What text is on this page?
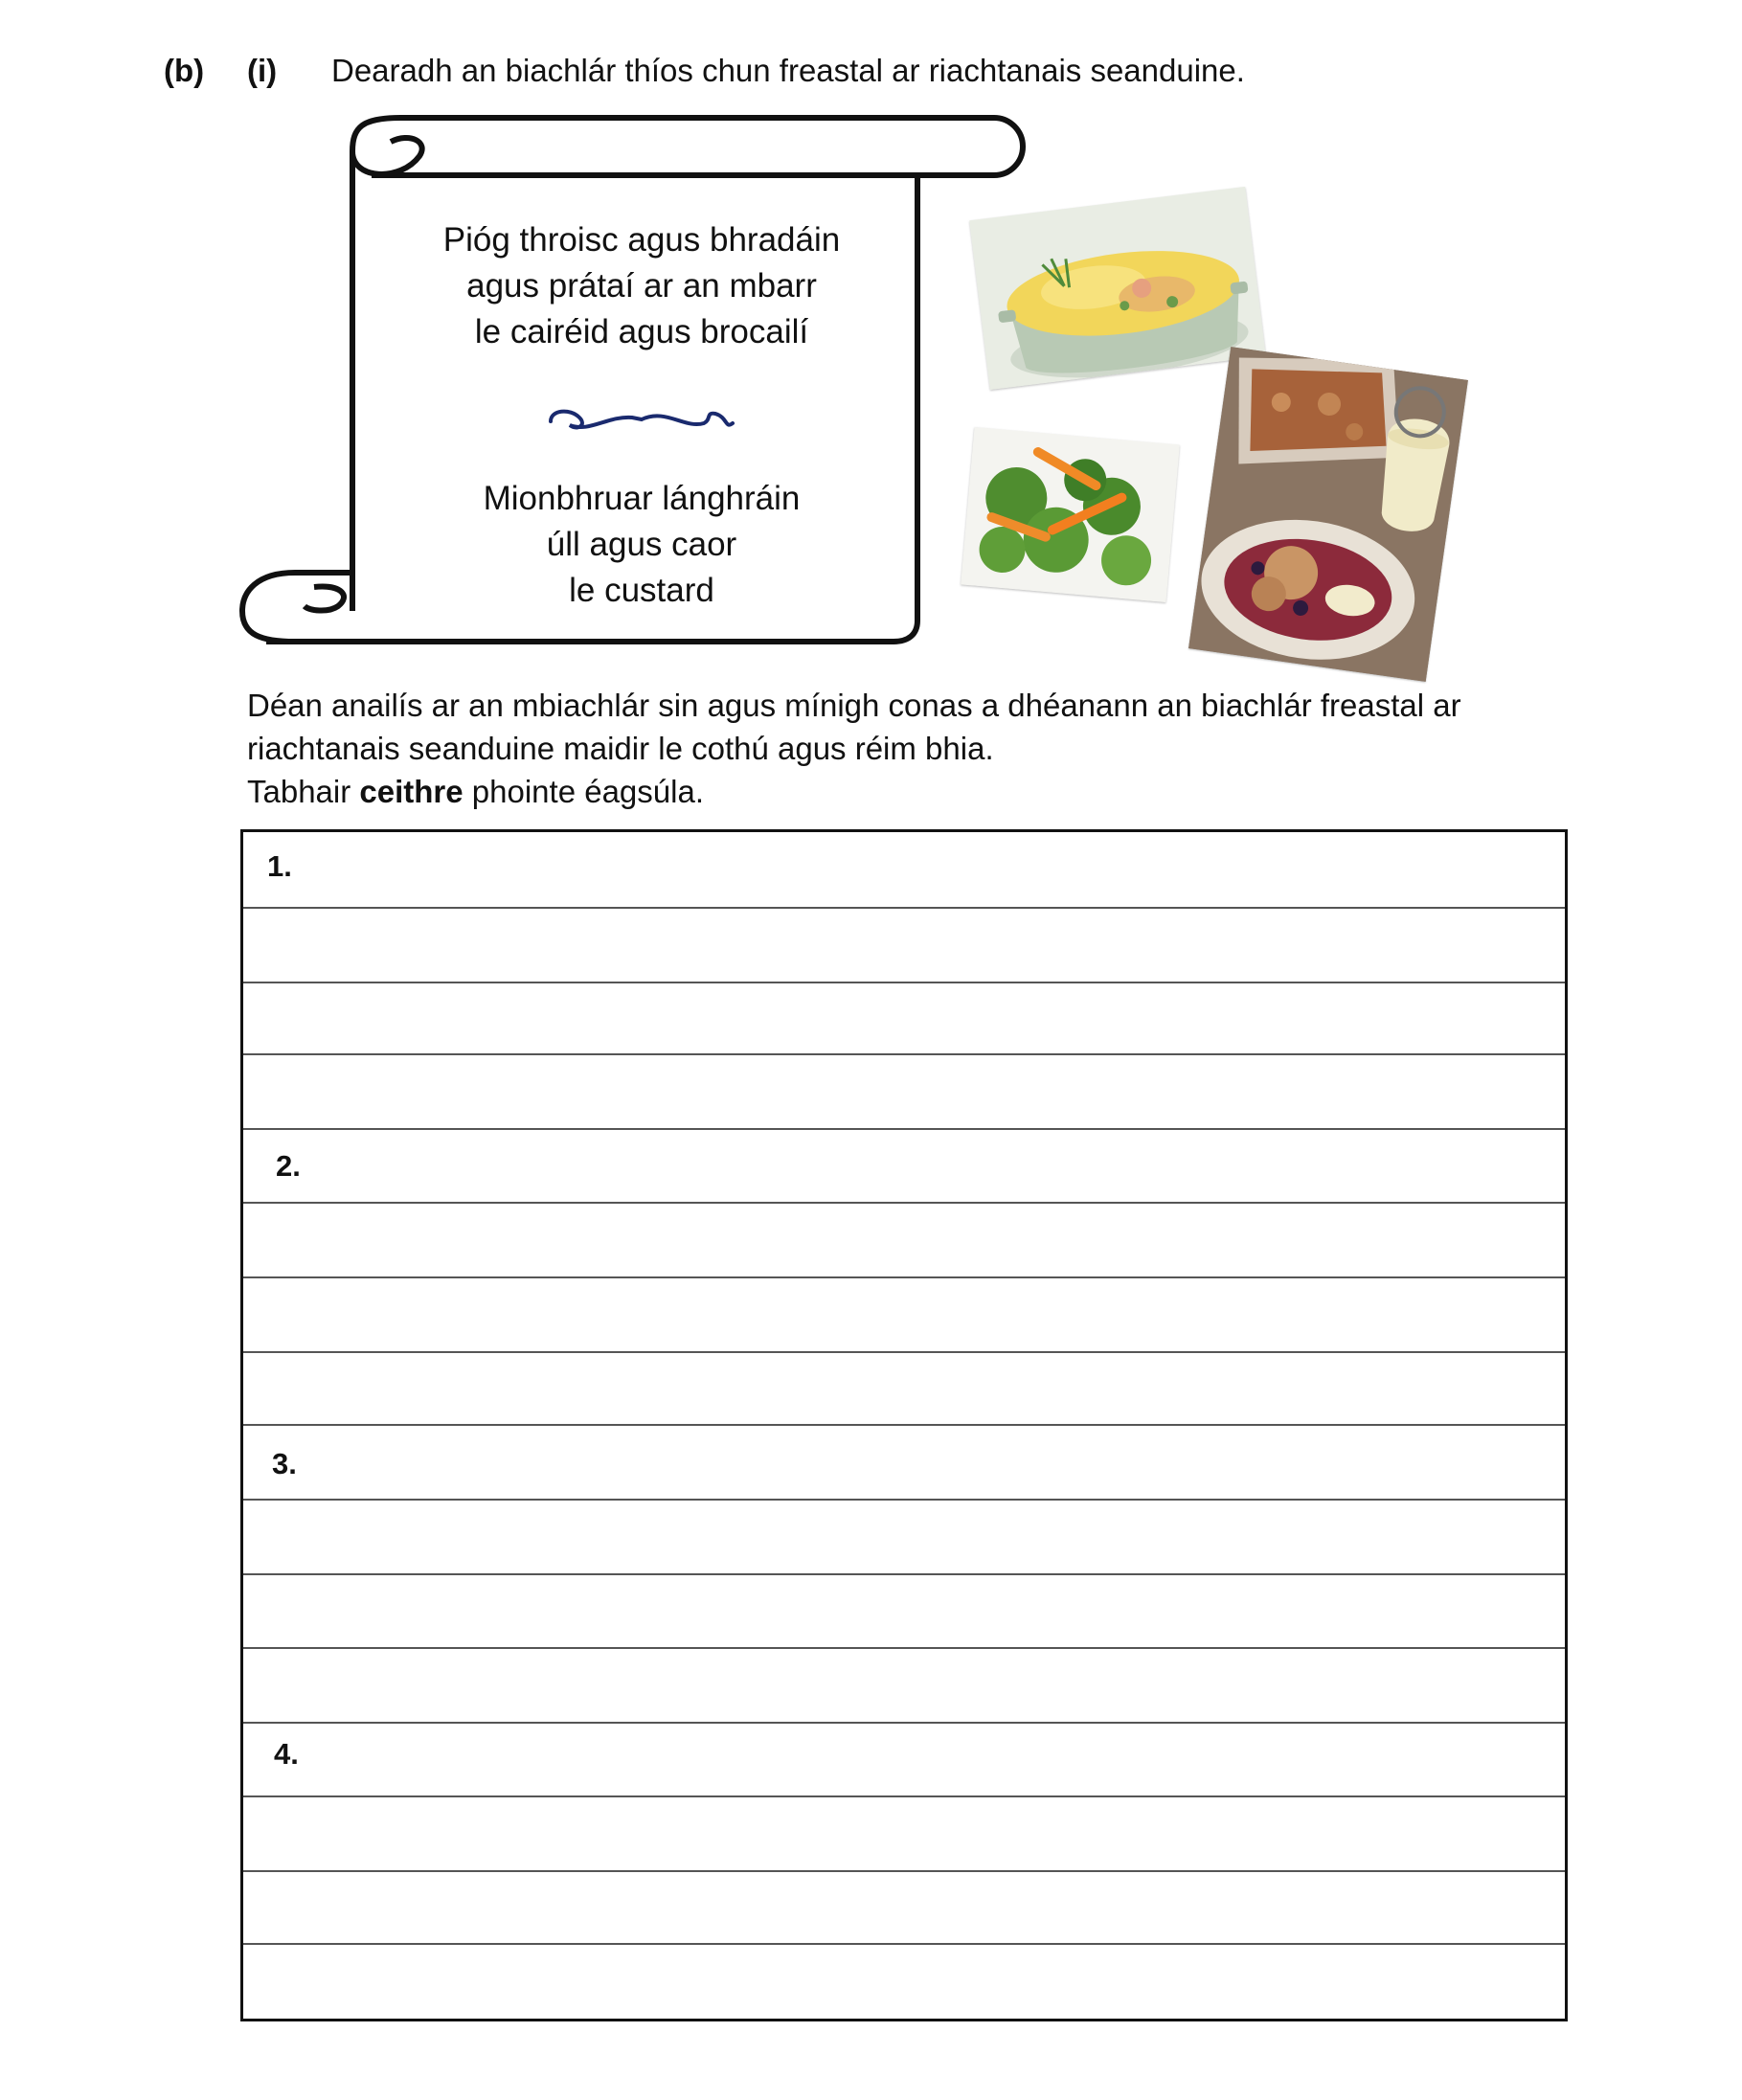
(b) (i) Dearadh an biachlár thíos chun freastal ar riachtanais seanduine.
Pióg throisc agus bhradáin
agus prátaí ar an mbarr
le cairéid agus brocailí
Mionbhruar lánghráin
úll agus caor
le custard
Déan anailís ar an mbiachlár sin agus mínigh conas a dhéanann an biachlár freastal ar
riachtanais seanduine maidir le cothú agus réim bhia.
Tabhair ceithre phointe éagsúla.
1.
2.
3.
4.
